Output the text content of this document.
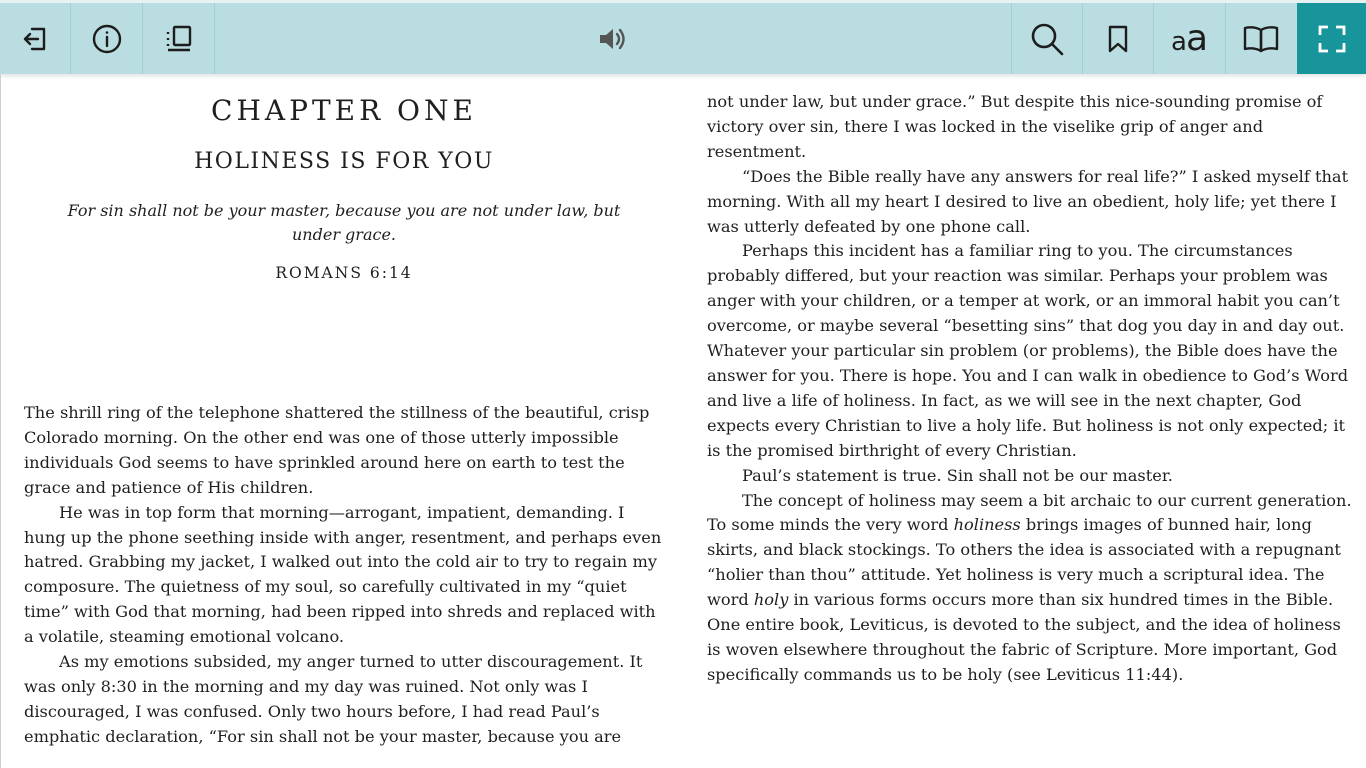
aa
CHAPTER ONE
HOLINESS IS FOR YOU
For sin shall not be your master, because you are not under law, but under grace.
ROMANS 6:14

The shrill ring of the telephone shattered the stillness of the beautiful, crisp Colorado morning. On the other end was one of those utterly impossible individuals God seems to have sprinkled around here on earth to test the grace and patience of His children.

He was in top form that morning—arrogant, impatient, demanding. I hung up the phone seething inside with anger, resentment, and perhaps even hatred. Grabbing my jacket, I walked out into the cold air to try to regain my composure. The quietness of my soul, so carefully cultivated in my “quiet time” with God that morning, had been ripped into shreds and replaced with a volatile, steaming emotional volcano.

As my emotions subsided, my anger turned to utter discouragement. It was only 8:30 in the morning and my day was ruined. Not only was I discouraged, I was confused. Only two hours before, I had read Paul’s emphatic declaration, “For sin shall not be your master, because you are

not under law, but under grace.” But despite this nice-sounding promise of victory over sin, there I was locked in the viselike grip of anger and resentment.

“Does the Bible really have any answers for real life?” I asked myself that morning. With all my heart I desired to live an obedient, holy life; yet there I was utterly defeated by one phone call.

Perhaps this incident has a familiar ring to you. The circumstances probably differed, but your reaction was similar. Perhaps your problem was anger with your children, or a temper at work, or an immoral habit you can’t overcome, or maybe several “besetting sins” that dog you day in and day out. Whatever your particular sin problem (or problems), the Bible does have the answer for you. There is hope. You and I can walk in obedience to God’s Word and live a life of holiness. In fact, as we will see in the next chapter, God expects every Christian to live a holy life. But holiness is not only expected; it is the promised birthright of every Christian.

Paul’s statement is true. Sin shall not be our master.

The concept of holiness may seem a bit archaic to our current generation. To some minds the very word holiness brings images of bunned hair, long skirts, and black stockings. To others the idea is associated with a repugnant “holier than thou” attitude. Yet holiness is very much a scriptural idea. The word holy in various forms occurs more than six hundred times in the Bible. One entire book, Leviticus, is devoted to the subject, and the idea of holiness is woven elsewhere throughout the fabric of Scripture. More important, God specifically commands us to be holy (see Leviticus 11:44).
